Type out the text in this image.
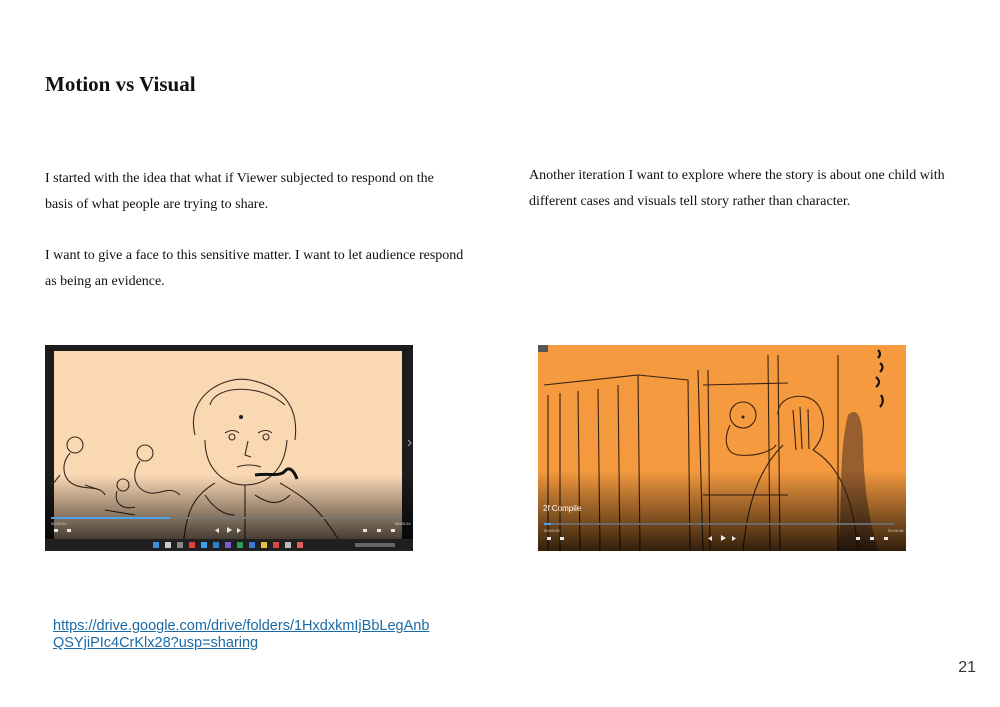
Motion vs Visual
I started with the idea that what if Viewer subjected to respond on the basis of what people are trying to share.
I want to give a face to this sensitive matter. I want to let audience respond as being an evidence.
Another iteration I want to explore where the story is about one child with different cases and visuals tell story rather than character.
00:00:01	00:00:24
2f Compile
00:00:00	00:00:46
https://drive.google.com/drive/folders/1HxdxkmIjBbLegAnbQSYjiPIc4CrKlx28?usp=sharing
21
